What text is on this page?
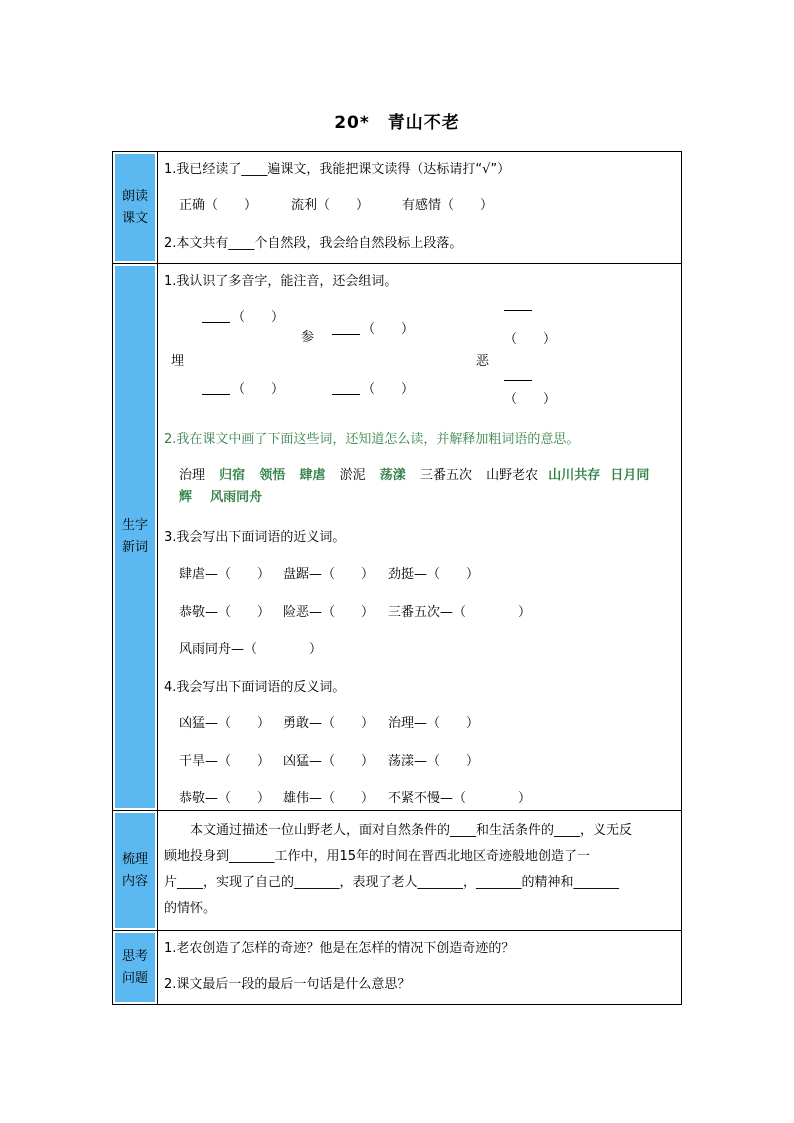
20*　青山不老
朗读
课文
1.我已经读了____遍课文，我能把课文读得（达标请打“√”）
正确（　　）	流利（　　）	有感情（　　）
2.本文共有____个自然段，我会给自然段标上段落。
生字
新词
1.我认识了多音字，能注音，还会组词。
（　　）
埋
（　　）
参
（　　）
（　　）
恶
（　　）
（　　）
2.我在课文中画了下面这些词，还知道怎么读，并解释加粗词语的意思。
治理 归宿 领悟 肆虐 淤泥 荡漾 三番五次 山野老农 山川共存 日月同
辉 风雨同舟
3.我会写出下面词语的近义词。
肆虐—（　　） 盘踞—（　　） 劲挺—（　　）
恭敬—（　　） 险恶—（　　） 三番五次—（　　　　）
风雨同舟—（　　　　）
4.我会写出下面词语的反义词。
凶猛—（　　） 勇敢—（　　） 治理—（　　）
干旱—（　　） 凶猛—（　　） 荡漾—（　　）
恭敬—（　　） 雄伟—（　　） 不紧不慢—（　　　　）
梳理
内容
　　本文通过描述一位山野老人，面对自然条件的____和生活条件的____，义无反
顾地投身到_______工作中，用15年的时间在晋西北地区奇迹般地创造了一
片____，实现了自己的_______，表现了老人_______，_______的精神和_______
的情怀。
思考
问题
1.老农创造了怎样的奇迹？他是在怎样的情况下创造奇迹的？
2.课文最后一段的最后一句话是什么意思？
